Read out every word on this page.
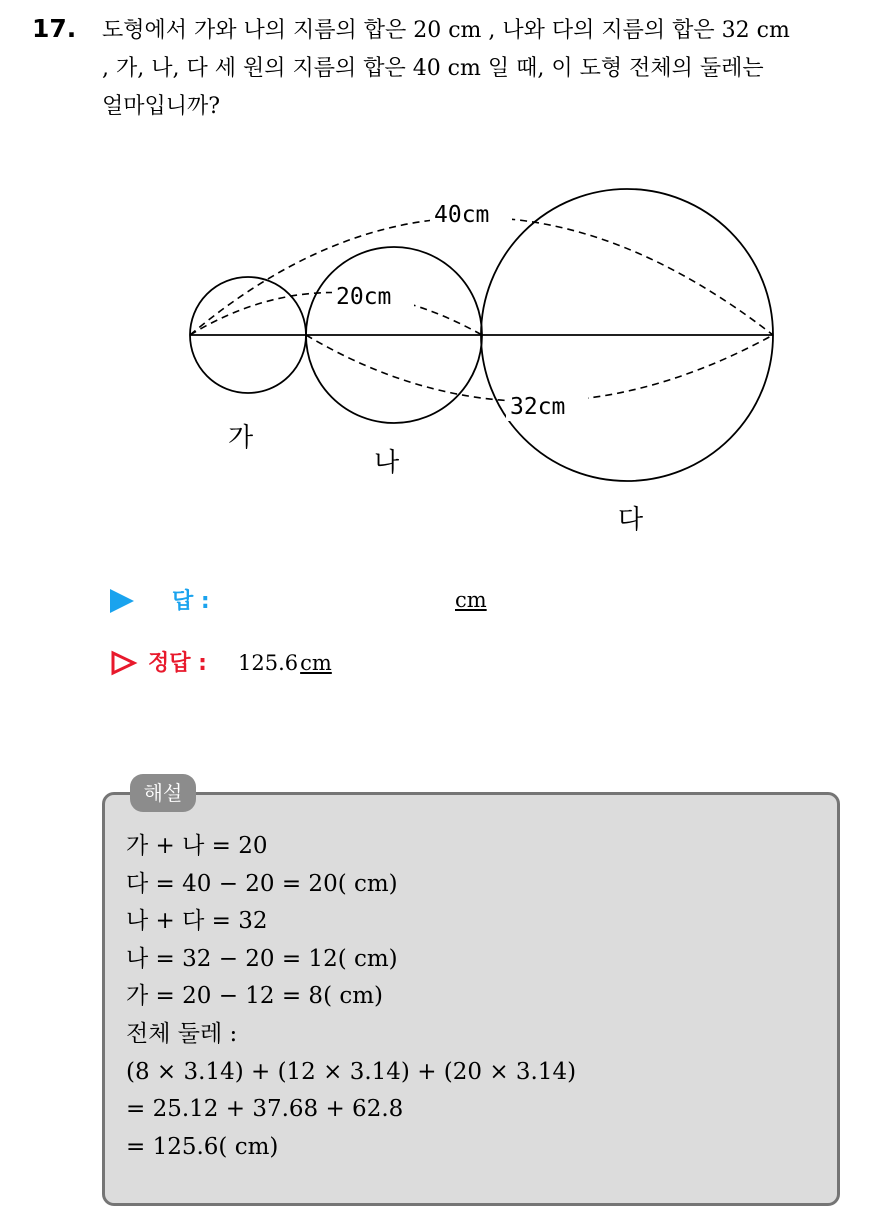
17. 도형에서 가와 나의 지름의 합은 20 cm , 나와 다의 지름의 합은 32 cm
, 가, 나, 다 세 원의 지름의 합은 40 cm 일 때, 이 도형 전체의 둘레는
얼마입니까?
40cm
20cm
32cm
가
나
다
답 :	cm
정답 : 125.6cm
해설
가 + 나 = 20
다 = 40 − 20 = 20( cm)
나 + 다 = 32
나 = 32 − 20 = 12( cm)
가 = 20 − 12 = 8( cm)
전체 둘레 :
(8 × 3.14) + (12 × 3.14) + (20 × 3.14)
= 25.12 + 37.68 + 62.8
= 125.6( cm)
